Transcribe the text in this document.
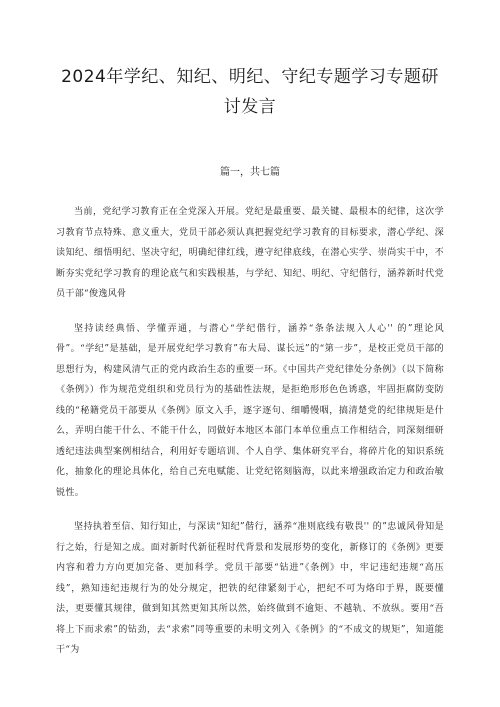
2024年学纪、知纪、明纪、守纪专题学习专题研讨发言
篇一，共七篇

当前，党纪学习教育正在全党深入开展。党纪是最重要、最关键、最根本的纪律，这次学习教育节点特殊、意义重大，党员干部必须认真把握党纪学习教育的目标要求，潜心学纪、深读知纪、细悟明纪、坚决守纪，明确纪律红线，遵守纪律底线，在潜心实学、崇尚实干中，不断夯实党纪学习教育的理论底气和实践根基，与学纪、知纪、明纪、守纪偕行，涵养新时代党员干部“俊逸风骨

坚持读经典悟、学懂弄通，与潜心“学纪偕行，涵养“条条法规入人心'' 的”理论风骨”。“学纪”是基础，是开展党纪学习教育”布大局、谋长远”的“第一步”，是校正党员干部的思想行为，构建风清气正的党内政治生态的重要一环。《中国共产党纪律处分条例》（以下简称《条例》）作为规范党组织和党员行为的基础性法规，是拒绝形形色色诱惑，牢固拒腐防变防线的“秘籍党员干部要从《条例》原文入手，逐字逐句、细嚼慢咽，搞清楚党的纪律规矩是什么，弄明白能干什么、不能干什么，同做好本地区本部门本单位重点工作相结合，同深刻细研透纪违法典型案例相结合，利用好专题培训、个人自学、集体研究平台，将碎片化的知识系统化，抽象化的理论具体化，给自己充电赋能、让党纪铭刻脑海，以此来增强政治定力和政治敏锐性。

坚持执着至信、知行知止，与深读“知纪”偕行，涵养“准则底线有敬畏'' 的”忠诚风骨知是行之始，行是知之成。面对新时代新征程时代背景和发展形势的变化，新修订的《条例》更要内容和着力方向更加完备、更加科学。党员干部要“钻进”《条例》中，牢记违纪违规“高压线”，熟知违纪违规行为的处分规定，把铁的纪律紧刻于心，把纪不可为烙印于界，既要懂法，更要懂其规律，做到知其然更知其所以然，始终做到不逾矩、不越轨、不放纵。要用“吾将上下而求索”的钻劲，去“求索”同等重要的未明文列入《条例》的“不成文的规矩”，知道能干“为
